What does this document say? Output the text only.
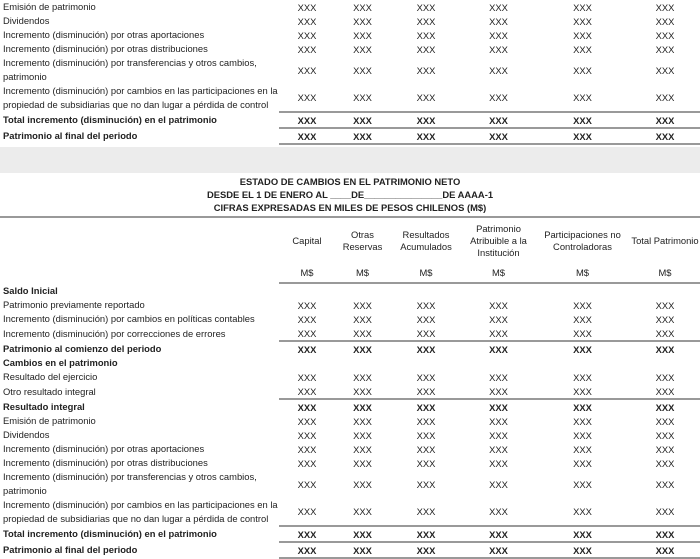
Emisión de patrimonio	XXX	XXX	XXX	XXX	XXX	XXX
Dividendos	XXX	XXX	XXX	XXX	XXX	XXX
Incremento (disminución) por otras aportaciones	XXX	XXX	XXX	XXX	XXX	XXX
Incremento (disminución) por otras distribuciones	XXX	XXX	XXX	XXX	XXX	XXX
Incremento (disminución) por transferencias y otros cambios, patrimonio	XXX	XXX	XXX	XXX	XXX	XXX
Incremento (disminución) por cambios en las participaciones en la propiedad de subsidiarias que no dan lugar a pérdida de control	XXX	XXX	XXX	XXX	XXX	XXX
Total incremento (disminución) en el patrimonio	XXX	XXX	XXX	XXX	XXX	XXX
Patrimonio al final del periodo	XXX	XXX	XXX	XXX	XXX	XXX
ESTADO DE CAMBIOS EN EL PATRIMONIO NETO
DESDE EL 1 DE ENERO AL ____DE_______________DE AAAA-1
CIFRAS EXPRESADAS EN MILES DE PESOS CHILENOS (M$)
	Capital	Otras Reservas	Resultados Acumulados	Patrimonio Atribuible a la Institución	Participaciones no Controladoras	Total Patrimonio
	M$	M$	M$	M$	M$	M$
Saldo Inicial						
Patrimonio previamente reportado	XXX	XXX	XXX	XXX	XXX	XXX
Incremento (disminución) por cambios en políticas contables	XXX	XXX	XXX	XXX	XXX	XXX
Incremento (disminución) por correcciones de errores	XXX	XXX	XXX	XXX	XXX	XXX
Patrimonio al comienzo del periodo	XXX	XXX	XXX	XXX	XXX	XXX
Cambios en el patrimonio						
Resultado del ejercicio	XXX	XXX	XXX	XXX	XXX	XXX
Otro resultado integral	XXX	XXX	XXX	XXX	XXX	XXX
Resultado integral	XXX	XXX	XXX	XXX	XXX	XXX
Emisión de patrimonio	XXX	XXX	XXX	XXX	XXX	XXX
Dividendos	XXX	XXX	XXX	XXX	XXX	XXX
Incremento (disminución) por otras aportaciones	XXX	XXX	XXX	XXX	XXX	XXX
Incremento (disminución) por otras distribuciones	XXX	XXX	XXX	XXX	XXX	XXX
Incremento (disminución) por transferencias y otros cambios, patrimonio	XXX	XXX	XXX	XXX	XXX	XXX
Incremento (disminución) por cambios en las participaciones en la propiedad de subsidiarias que no dan lugar a pérdida de control	XXX	XXX	XXX	XXX	XXX	XXX
Total incremento (disminución) en el patrimonio	XXX	XXX	XXX	XXX	XXX	XXX
Patrimonio al final del periodo	XXX	XXX	XXX	XXX	XXX	XXX
